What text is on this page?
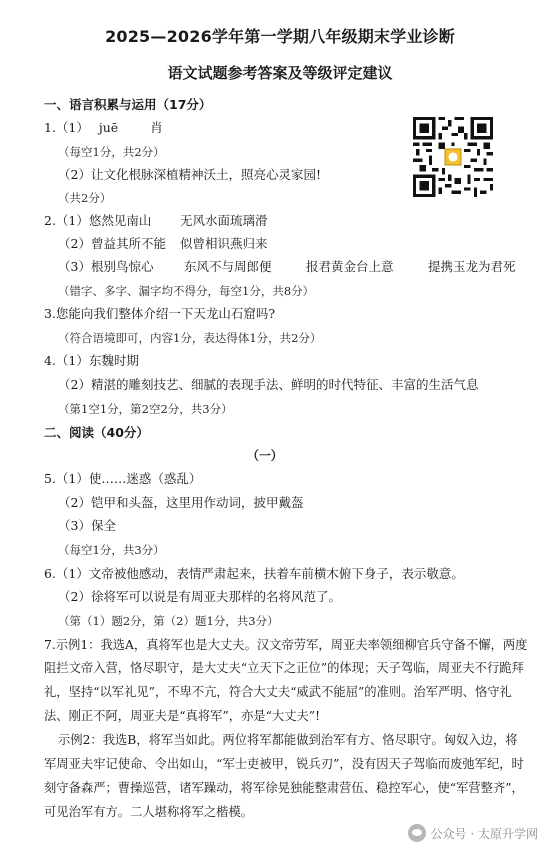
2025—2026学年第一学期八年级期末学业诊断
语文试题参考答案及等级评定建议
一、语言积累与运用（17分）
1.（1） juē	肖
（每空1分，共2分）
（2）让文化根脉深植精神沃土，照亮心灵家园!
（共2分）
2.（1）悠然见南山 无风水面琉璃滑
（2）曾益其所不能 似曾相识燕归来
（3）根别鸟惊心 东风不与周郎便	报君黄金台上意	提携玉龙为君死
（错字、多字、漏字均不得分，每空1分，共8分）
3.您能向我们整体介绍一下天龙山石窟吗?
（符合语境即可，内容1分，表达得体1分，共2分）
4.（1）东魏时期
（2）精湛的雕刻技艺、细腻的表现手法、鲜明的时代特征、丰富的生活气息
（第1空1分，第2空2分，共3分）
二、阅读（40分）
（一）
5.（1）使……迷惑（惑乱）
（2）铠甲和头盔，这里用作动词，披甲戴盔
（3）保全
（每空1分，共3分）
6.（1）文帝被他感动，表情严肃起来，扶着车前横木俯下身子，表示敬意。
（2）徐将军可以说是有周亚夫那样的名将风范了。
（第（1）题2分，第（2）题1分，共3分）
7.示例1：我选A，真将军也是大丈夫。汉文帝劳军，周亚夫率领细柳官兵守备不懈，两度
阻拦文帝入营，恪尽职守，是大丈夫“立天下之正位”的体现；天子驾临，周亚夫不行跪拜
礼，坚持“以军礼见”，不卑不亢，符合大丈夫“威武不能屈”的准则。治军严明、恪守礼
法、刚正不阿，周亚夫是“真将军”，亦是“大丈夫”!
示例2：我选B，将军当如此。两位将军都能做到治军有方、恪尽职守。匈奴入边，将
军周亚夫牢记使命、令出如山，“军士吏被甲，锐兵刃”，没有因天子驾临而废弛军纪，时
刻守备森严；曹操巡营，诸军躁动，将军徐晃独能整肃营伍、稳控军心，使“军营整齐”，
可见治军有方。二人堪称将军之楷模。
公众号 · 太原升学网
